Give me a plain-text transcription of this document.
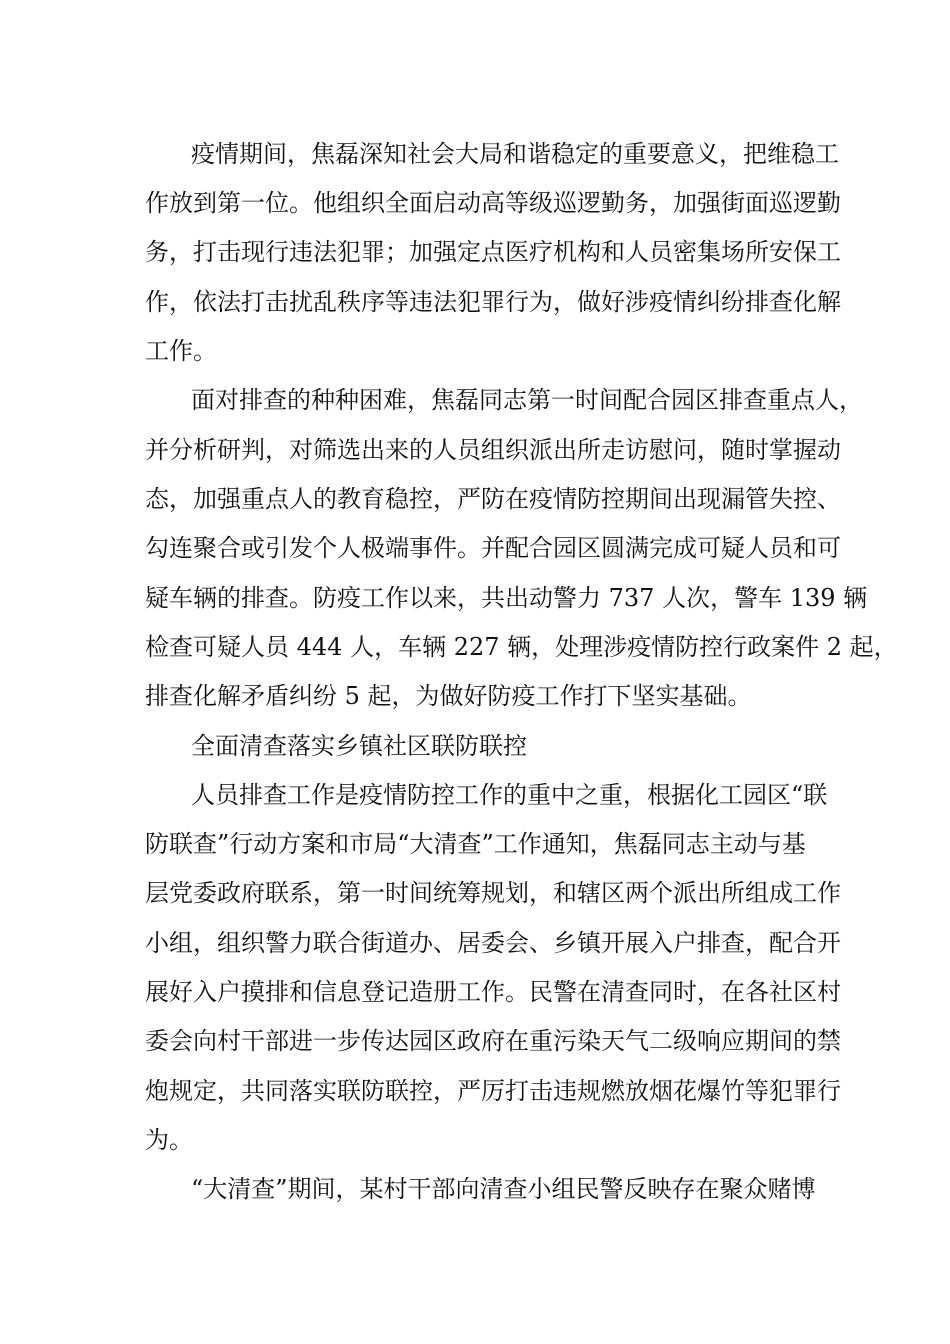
疫情期间，焦磊深知社会大局和谐稳定的重要意义，把维稳工

作放到第一位。他组织全面启动高等级巡逻勤务，加强街面巡逻勤

务，打击现行违法犯罪；加强定点医疗机构和人员密集场所安保工

作，依法打击扰乱秩序等违法犯罪行为，做好涉疫情纠纷排查化解

工作。

面对排查的种种困难，焦磊同志第一时间配合园区排查重点人，

并分析研判，对筛选出来的人员组织派出所走访慰问，随时掌握动

态，加强重点人的教育稳控，严防在疫情防控期间出现漏管失控、

勾连聚合或引发个人极端事件。并配合园区圆满完成可疑人员和可

疑车辆的排查。防疫工作以来，共出动警力 737 人次，警车 139 辆

检查可疑人员 444 人，车辆 227 辆，处理涉疫情防控行政案件 2 起，

排查化解矛盾纠纷 5 起，为做好防疫工作打下坚实基础。

全面清查落实乡镇社区联防联控

人员排查工作是疫情防控工作的重中之重，根据化工园区“联

防联查”行动方案和市局“大清查”工作通知，焦磊同志主动与基

层党委政府联系，第一时间统筹规划，和辖区两个派出所组成工作

小组，组织警力联合街道办、居委会、乡镇开展入户排查，配合开

展好入户摸排和信息登记造册工作。民警在清查同时，在各社区村

委会向村干部进一步传达园区政府在重污染天气二级响应期间的禁

炮规定，共同落实联防联控，严厉打击违规燃放烟花爆竹等犯罪行

为。

“大清查”期间，某村干部向清查小组民警反映存在聚众赌博
